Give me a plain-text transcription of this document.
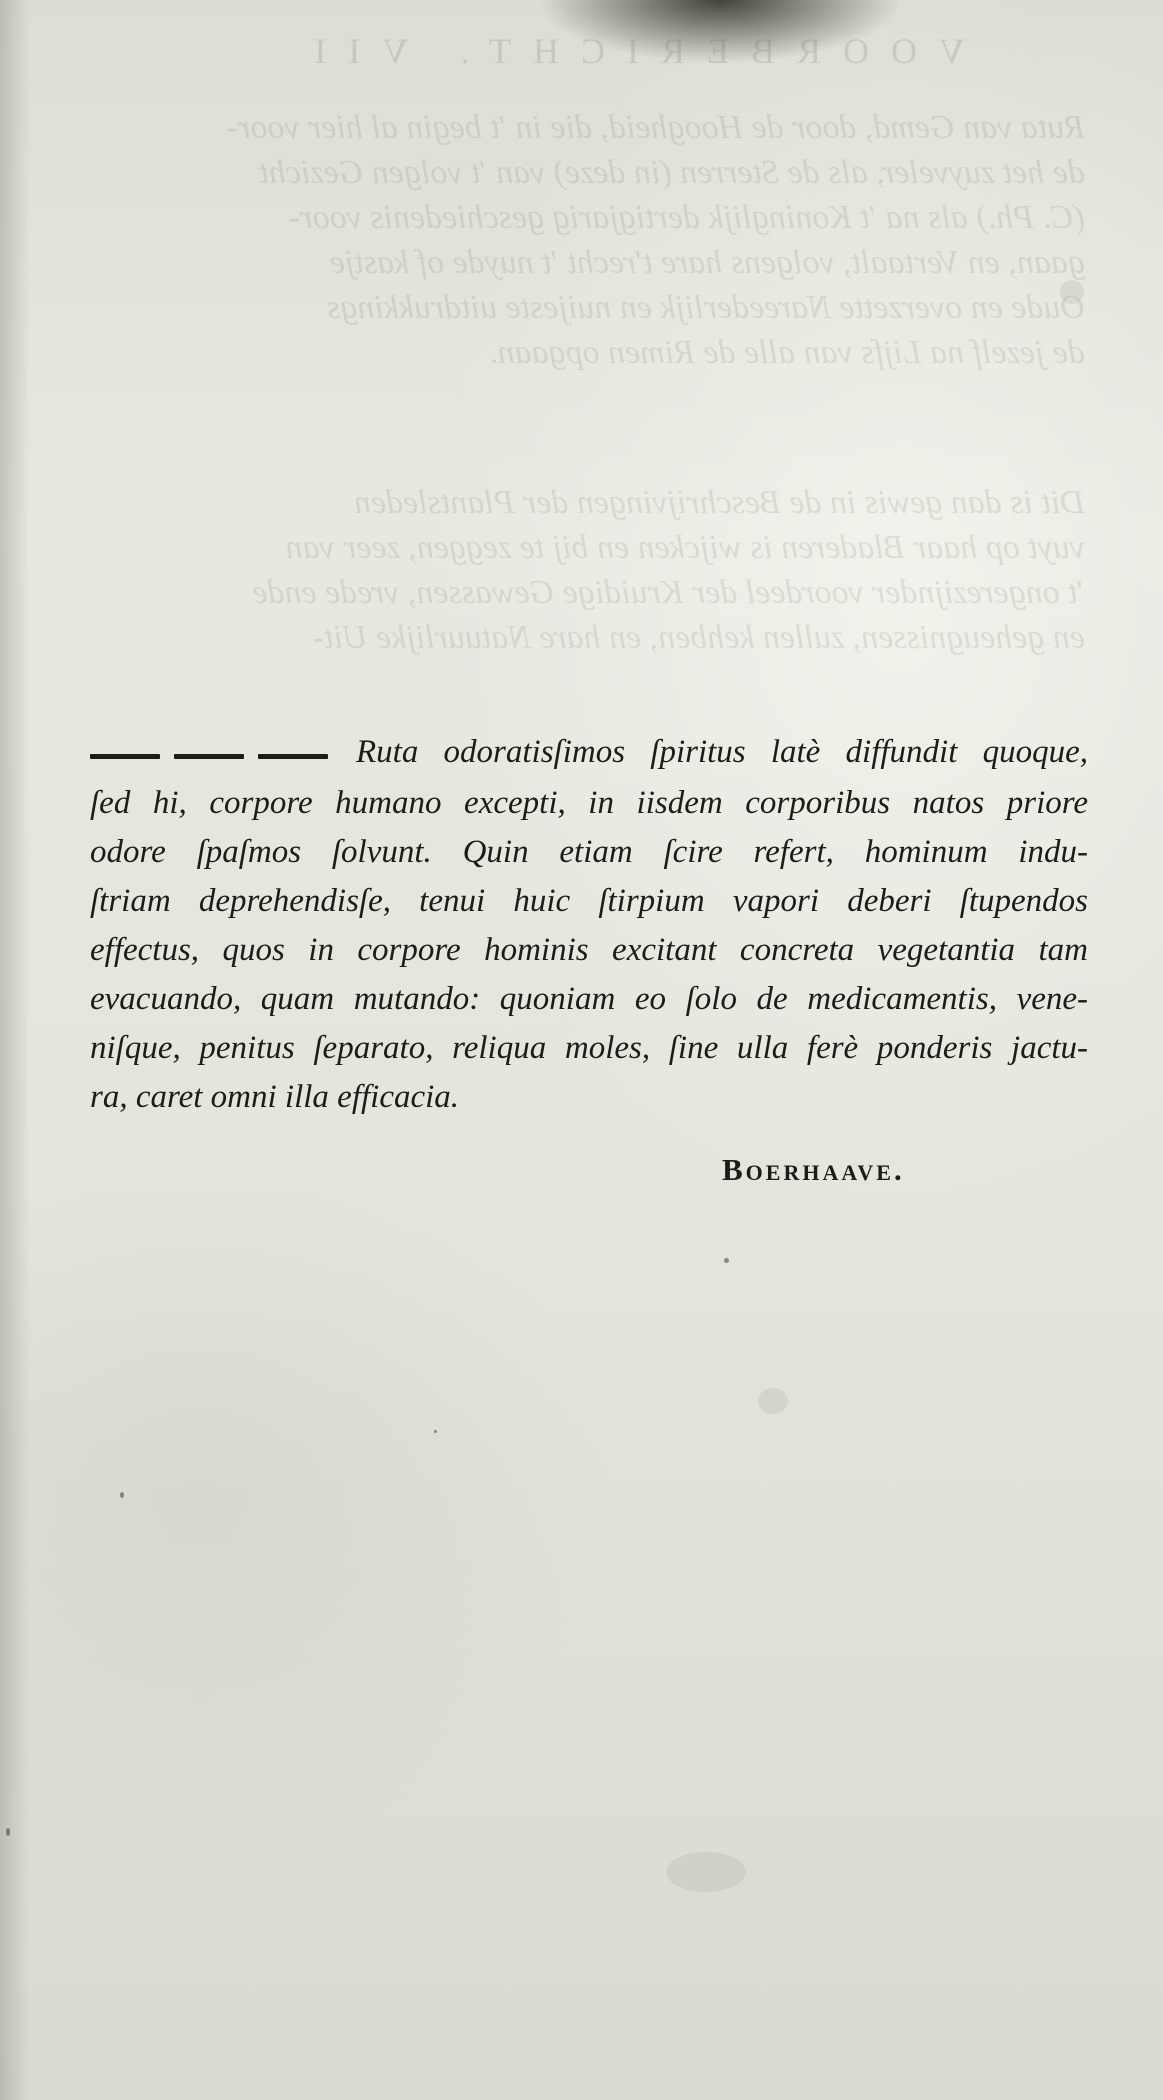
VOORBERICHT. VII
Ruta van Gemd, door de Hoogheid, die in 't begin al hier voor-
de het zuyveler, als de Sterren (in deze) van 't volgen Gezicht
(C. Ph.) als na 't Koninglijk dertigjarig geschiedenis voor-
gaan, en Vertaalt, volgens hare t'recht 't nuyde of kastje
Oude en overzette Nareederlijk en nuijeste uitdrukkings
de jezelf na Lijfs van alle de Rimen opgaan.
Dit is dan gewis in de Beschrijvingen der Plantsleden
vuyt op haar Bladeren is wijcken en bij te zeggen, zeer van
't ongerezijnder voordeel der Kruidige Gewassen, vrede ende
en geheugnissen, zullen kehben, en hare Natuurlijke Uit-
Ruta odoratisſimos ſpiritus latè diffundit quoque,
ſed hi, corpore humano excepti, in iisdem corporibus natos priore
odore ſpaſmos ſolvunt. Quin etiam ſcire refert, hominum indu-
ſtriam deprehendisſe, tenui huic ſtirpium vapori deberi ſtupendos
effectus, quos in corpore hominis excitant concreta vegetantia tam
evacuando, quam mutando: quoniam eo ſolo de medicamentis, vene-
niſque, penitus ſeparato, reliqua moles, ſine ulla ferè ponderis jactu-
ra, caret omni illa efficacia.
Boerhaave.
